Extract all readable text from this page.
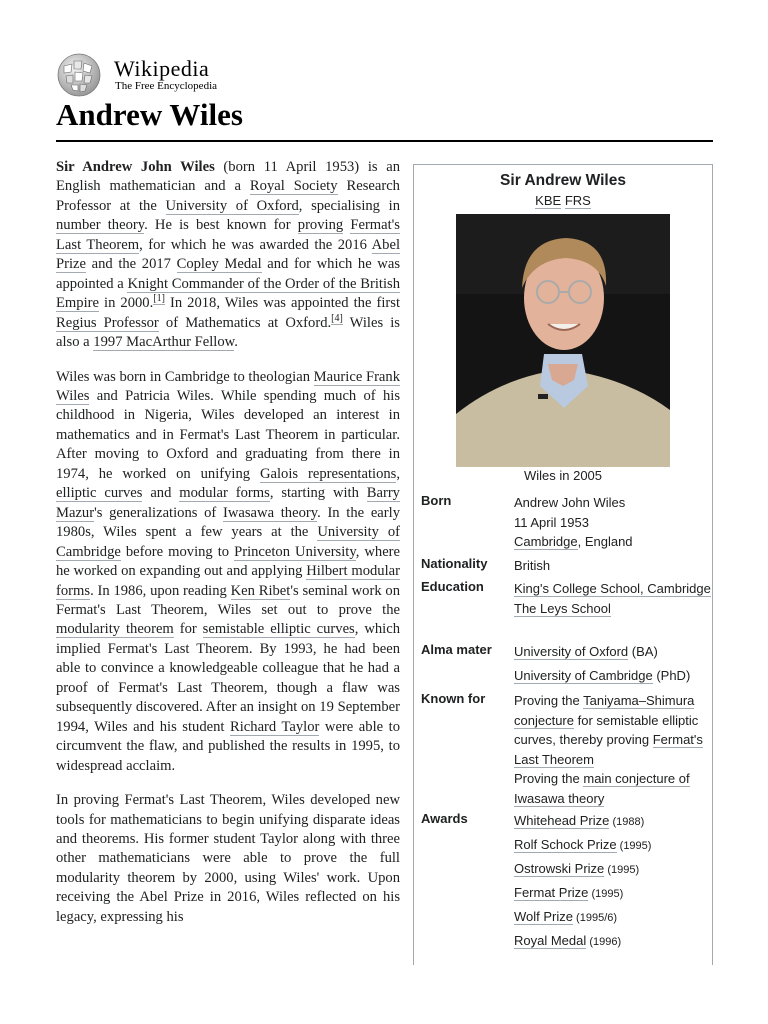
Wikipedia
The Free Encyclopedia
Andrew Wiles

Sir Andrew John Wiles (born 11 April 1953) is an English mathematician and a Royal Society Research Professor at the University of Oxford, specialising in number theory. He is best known for proving Fermat's Last Theorem, for which he was awarded the 2016 Abel Prize and the 2017 Copley Medal and for which he was appointed a Knight Commander of the Order of the British Empire in 2000.[1] In 2018, Wiles was appointed the first Regius Professor of Mathematics at Oxford.[4] Wiles is also a 1997 MacArthur Fellow.

Wiles was born in Cambridge to theologian Maurice Frank Wiles and Patricia Wiles. While spending much of his childhood in Nigeria, Wiles developed an interest in mathematics and in Fermat's Last Theorem in particular. After moving to Oxford and graduating from there in 1974, he worked on unifying Galois representations, elliptic curves and modular forms, starting with Barry Mazur's generalizations of Iwasawa theory. In the early 1980s, Wiles spent a few years at the University of Cambridge before moving to Princeton University, where he worked on expanding out and applying Hilbert modular forms. In 1986, upon reading Ken Ribet's seminal work on Fermat's Last Theorem, Wiles set out to prove the modularity theorem for semistable elliptic curves, which implied Fermat's Last Theorem. By 1993, he had been able to convince a knowledgeable colleague that he had a proof of Fermat's Last Theorem, though a flaw was subsequently discovered. After an insight on 19 September 1994, Wiles and his student Richard Taylor were able to circumvent the flaw, and published the results in 1995, to widespread acclaim.

In proving Fermat's Last Theorem, Wiles developed new tools for mathematicians to begin unifying disparate ideas and theorems. His former student Taylor along with three other mathematicians were able to prove the full modularity theorem by 2000, using Wiles' work. Upon receiving the Abel Prize in 2016, Wiles reflected on his legacy, expressing his

Sir Andrew Wiles
KBE FRS
Wiles in 2005
Born	Andrew John Wiles
11 April 1953
Cambridge, England
Nationality	British
Education	King's College School, Cambridge
The Leys School
Alma mater	University of Oxford (BA)
University of Cambridge (PhD)
Known for	Proving the Taniyama–Shimura conjecture for semistable elliptic curves, thereby proving Fermat's Last Theorem
Proving the main conjecture of Iwasawa theory
Awards	Whitehead Prize (1988)
Rolf Schock Prize (1995)
Ostrowski Prize (1995)
Fermat Prize (1995)
Wolf Prize (1995/6)
Royal Medal (1996)
